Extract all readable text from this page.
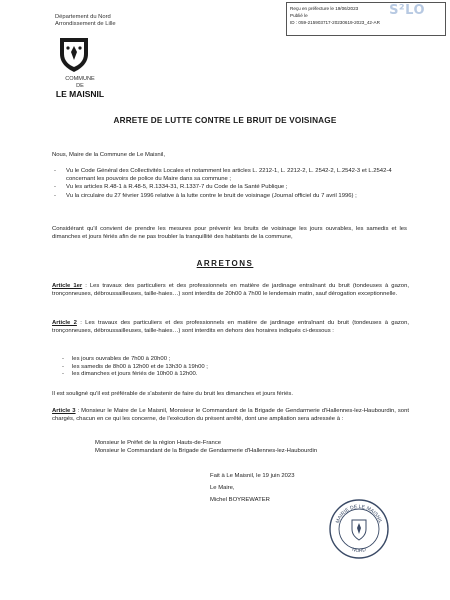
Reçu en préfecture le 19/06/2023
Publié le
ID : 059-215903717-20230619-2023_42-AR
S²LO
Département du Nord
Arrondissement de Lille
COMMUNE
DE
LE MAISNIL
ARRETE DE LUTTE CONTRE LE BRUIT DE VOISINAGE
Nous, Maire de la Commune de Le Maisnil,
- Vu le Code Général des Collectivités Locales et notamment les articles L. 2212-1, L. 2212-2, L. 2542-2, L.2542-3 et L.2542-4 concernant les pouvoirs de police du Maire dans sa commune ;
- Vu les articles R.48-1 à R.48-5, R.1334-31, R.1337-7 du Code de la Santé Publique ;
- Vu la circulaire du 27 février 1996 relative à la lutte contre le bruit de voisinage (Journal officiel du 7 avril 1996) ;
Considérant qu'il convient de prendre les mesures pour prévenir les bruits de voisinage les jours ouvrables, les samedis et les dimanches et jours fériés afin de ne pas troubler la tranquillité des habitants de la commune,
ARRETONS
Article 1er : Les travaux des particuliers et des professionnels en matière de jardinage entraînant du bruit (tondeuses à gazon, tronçonneuses, débroussailleuses, taille-haies…) sont interdits de 20h00 à 7h00 le lendemain matin, sauf dérogation exceptionnelle.
Article 2 : Les travaux des particuliers et des professionnels en matière de jardinage entraînant du bruit (tondeuses à gazon, tronçonneuses, débroussailleuses, taille-haies…) sont interdits en dehors des horaires indiqués ci-dessous :
- les jours ouvrables de 7h00 à 20h00 ;
- les samedis de 8h00 à 12h00 et de 13h30 à 19h00 ;
- les dimanches et jours fériés de 10h00 à 12h00.
Il est souligné qu'il est préférable de s'abstenir de faire du bruit les dimanches et jours fériés.
Article 3 : Monsieur le Maire de Le Maisnil, Monsieur le Commandant de la Brigade de Gendarmerie d'Hallennes-lez-Haubourdin, sont chargés, chacun en ce qui les concerne, de l'exécution du présent arrêté, dont une ampliation sera adressée à :
Monsieur le Préfet de la région Hauts-de-France
Monsieur le Commandant de la Brigade de Gendarmerie d'Hallennes-lez-Haubourdin
Fait à Le Maisnil, le 19 juin 2023
Le Maire,
Michel BOYREWATER
MAIRIE DE LE MAISNIL
NORD
